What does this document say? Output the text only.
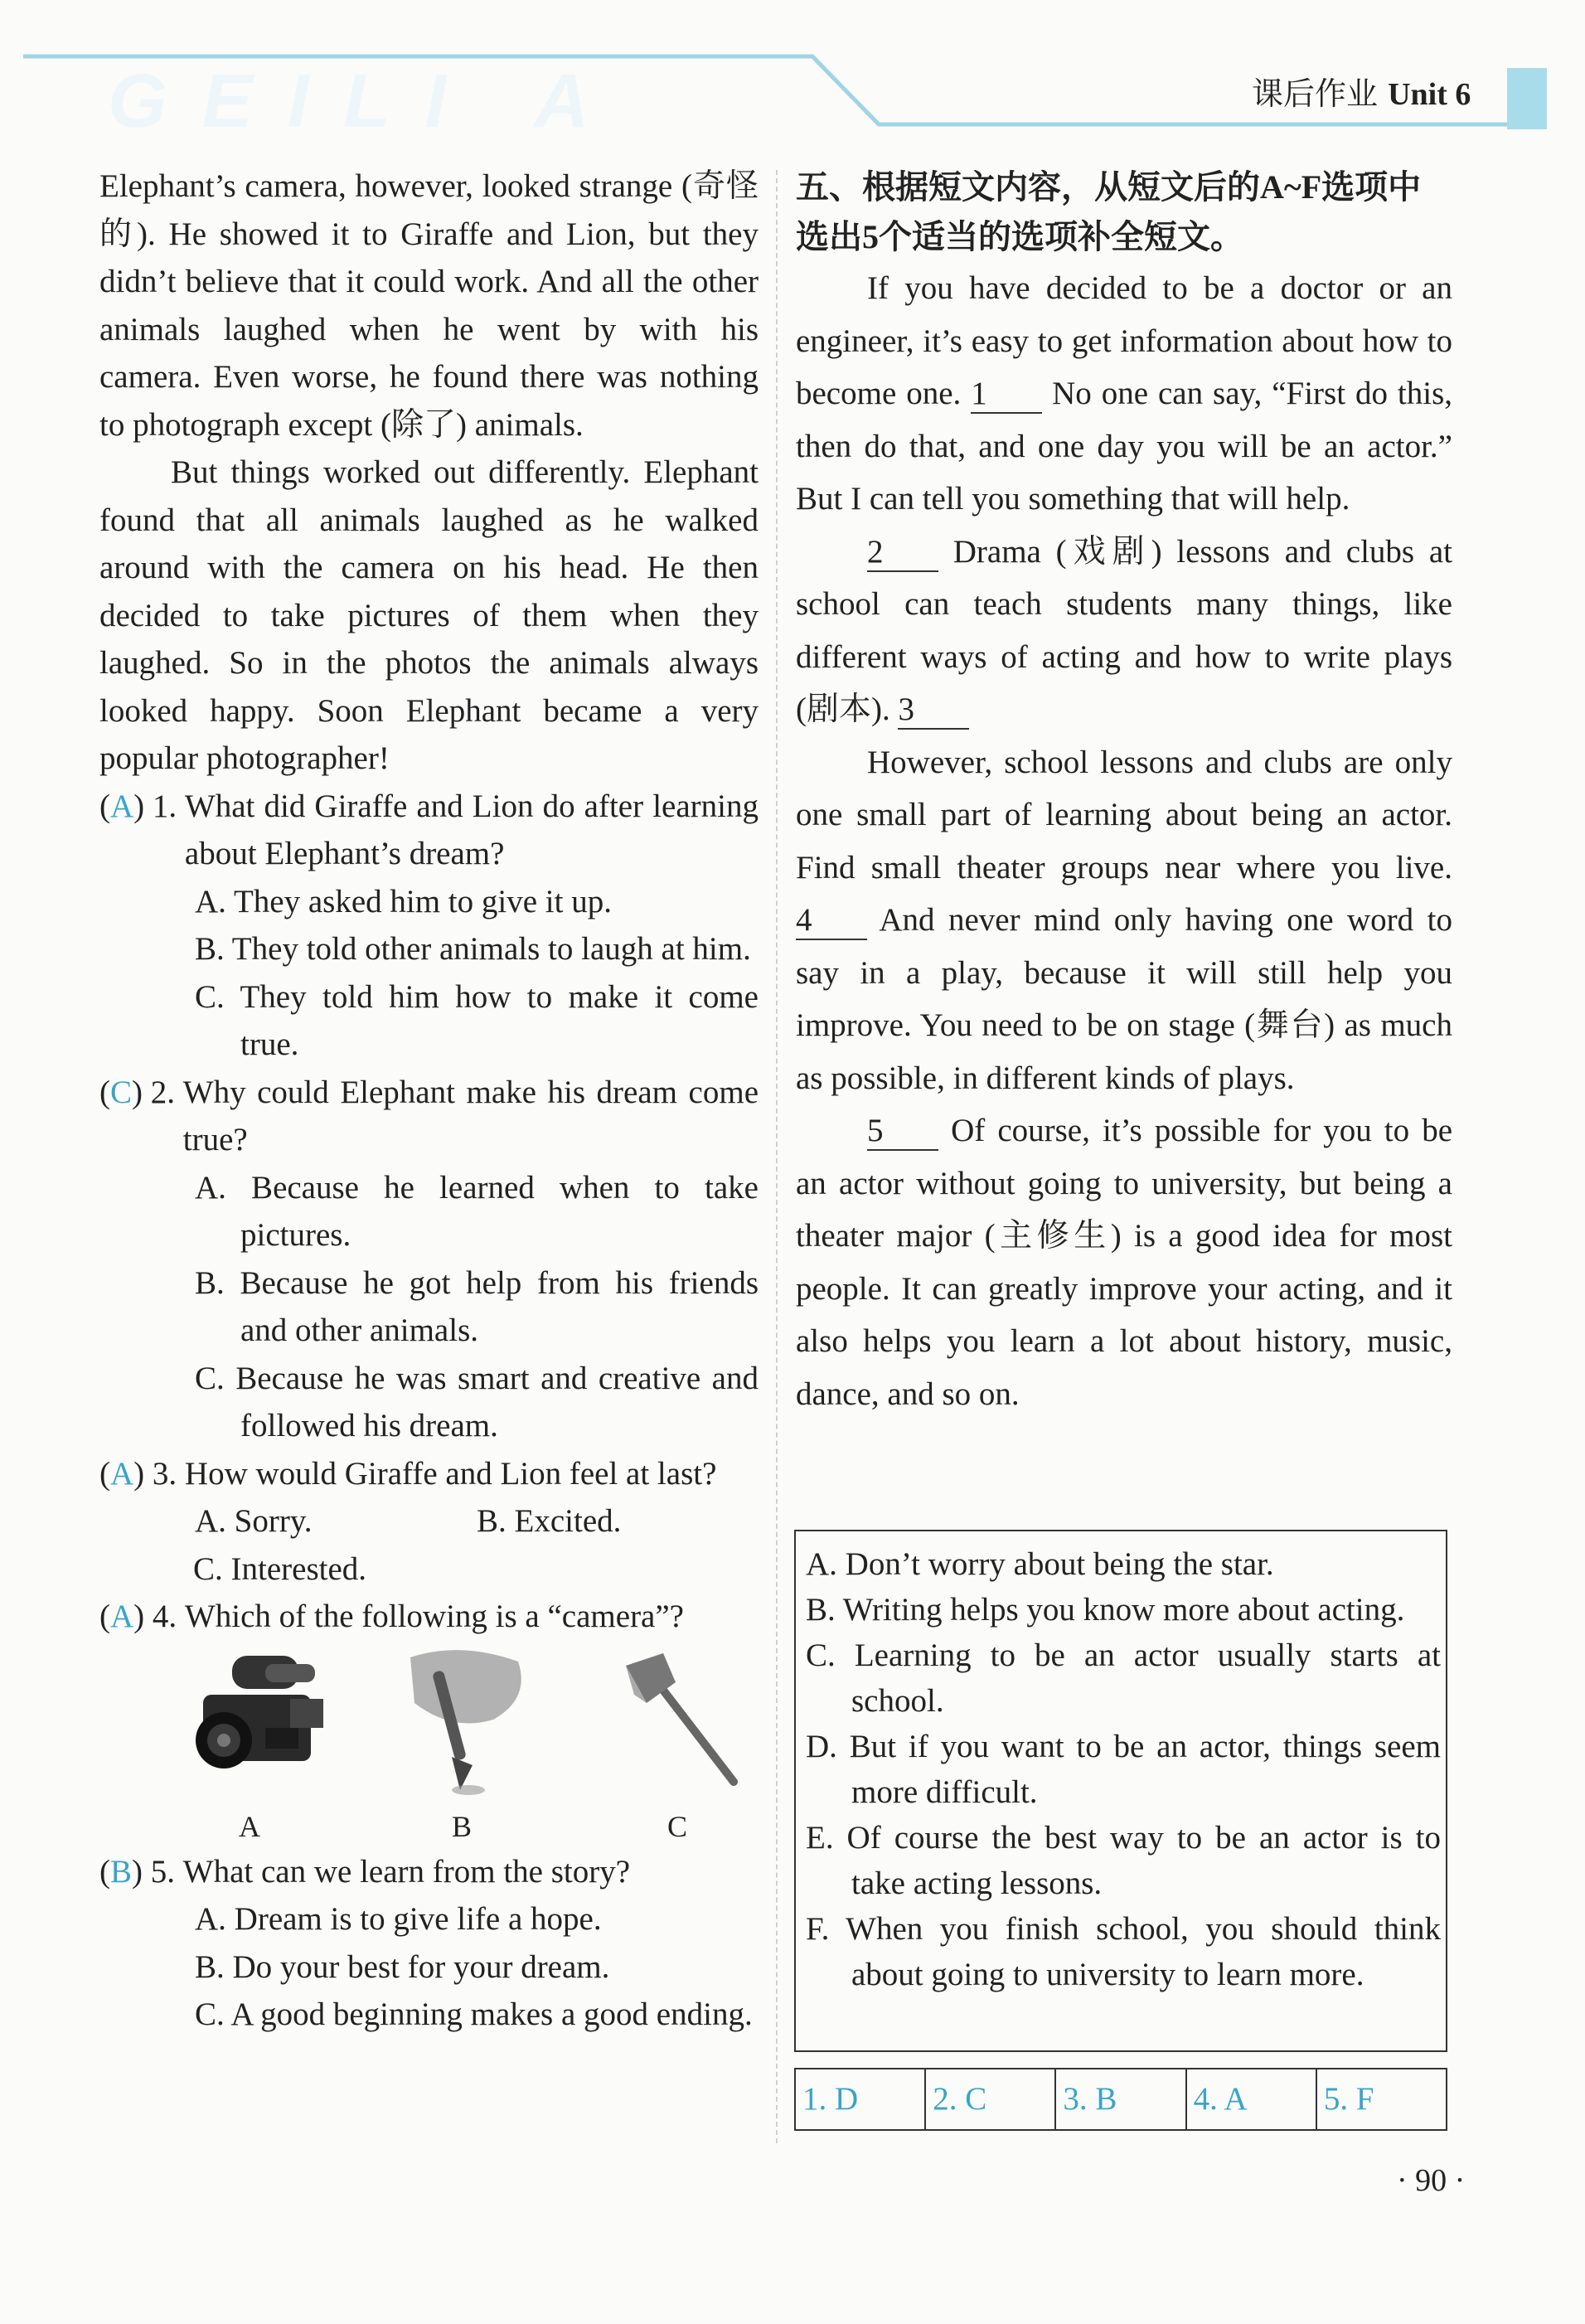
GEILI A	课后作业 Unit 6

Elephant’s camera, however, looked strange (奇怪的). He showed it to Giraffe and Lion, but they didn’t believe that it could work. And all the other animals laughed when he went by with his camera. Even worse, he found there was nothing to photograph except (除了) animals.

But things worked out differently. Elephant found that all animals laughed as he walked around with the camera on his head. He then decided to take pictures of them when they laughed. So in the photos the animals always looked happy. Soon Elephant became a very popular photographer!

(A) 1.
What did Giraffe and Lion do after learning about Elephant’s dream?
A. They asked him to give it up.
B. They told other animals to laugh at him.
C. They told him how to make it come true.
(C) 2.
Why could Elephant make his dream come true?
A. Because he learned when to take pictures.
B. Because he got help from his friends and other animals.
C. Because he was smart and creative and followed his dream.
(A) 3.
How would Giraffe and Lion feel at last?
A. Sorry.	B. Excited.
C. Interested.
(A) 4.
Which of the following is a “camera”?
A	B	C
(B) 5.
What can we learn from the story?
A. Dream is to give life a hope.
B. Do your best for your dream.
C. A good beginning makes a good ending.

五、根据短文内容，从短文后的A~F选项中选出5个适当的选项补全短文。

If you have decided to be a doctor or an engineer, it’s easy to get information about how to become one. 1 No one can say, “First do this, then do that, and one day you will be an actor.” But I can tell you something that will help.

2 Drama (戏剧) lessons and clubs at school can teach students many things, like different ways of acting and how to write plays (剧本). 3

However, school lessons and clubs are only one small part of learning about being an actor. Find small theater groups near where you live. 4 And never mind only having one word to say in a play, because it will still help you improve. You need to be on stage (舞台) as much as possible, in different kinds of plays.

5 Of course, it’s possible for you to be an actor without going to university, but being a theater major (主修生) is a good idea for most people. It can greatly improve your acting, and it also helps you learn a lot about history, music, dance, and so on.

A. Don’t worry about being the star.
B. Writing helps you know more about acting.
C. Learning to be an actor usually starts at school.
D. But if you want to be an actor, things seem more difficult.
E. Of course the best way to be an actor is to take acting lessons.
F. When you finish school, you should think about going to university to learn more.
1. D	2. C	3. B	4. A	5. F
· 90 ·
